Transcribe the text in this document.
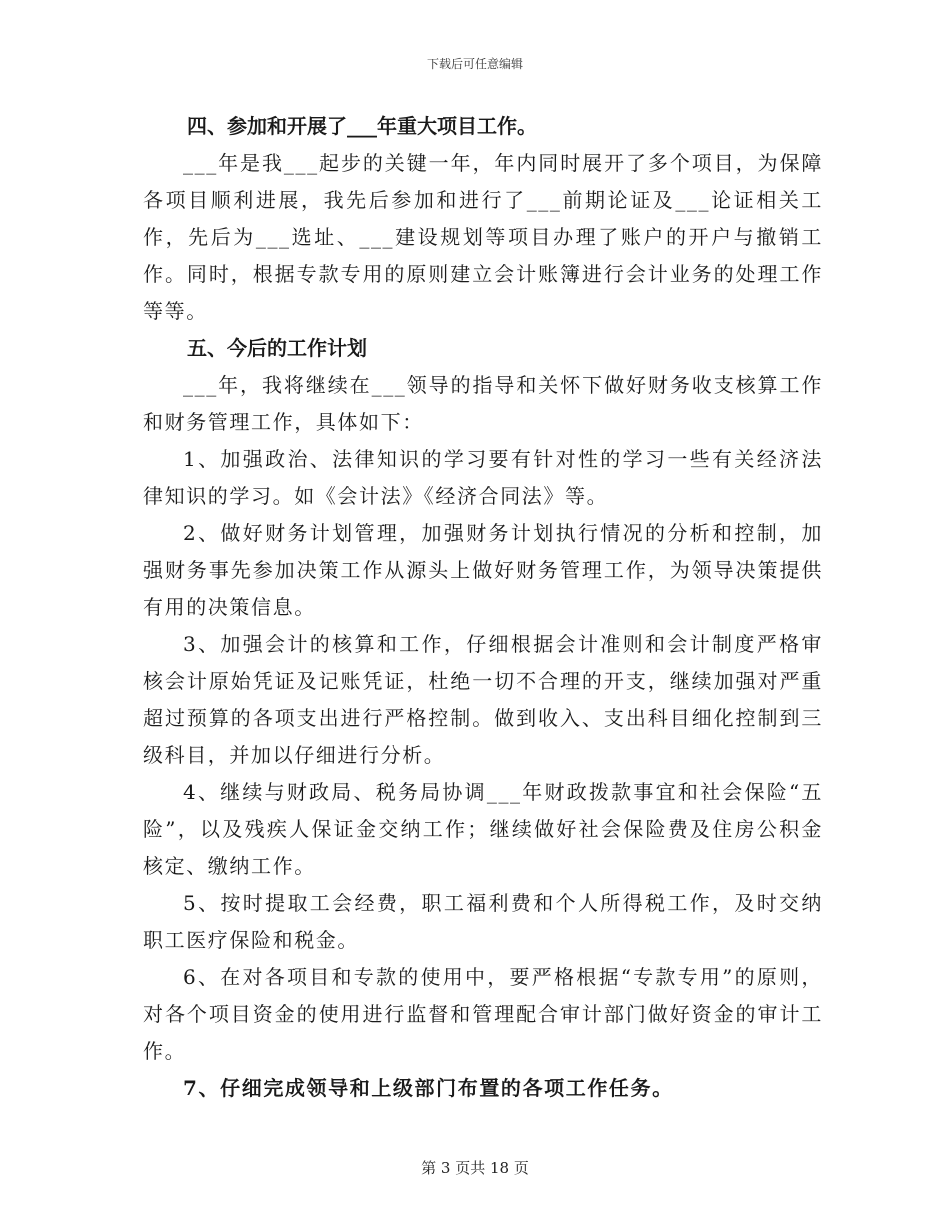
下载后可任意编辑

四、参加和开展了___年重大项目工作。

___年是我___起步的关键一年，年内同时展开了多个项目，为保障各项目顺利进展，我先后参加和进行了___前期论证及___论证相关工作，先后为___选址、___建设规划等项目办理了账户的开户与撤销工作。同时，根据专款专用的原则建立会计账簿进行会计业务的处理工作等等。

五、今后的工作计划

___年，我将继续在___领导的指导和关怀下做好财务收支核算工作和财务管理工作，具体如下：

1、加强政治、法律知识的学习要有针对性的学习一些有关经济法律知识的学习。如《会计法》《经济合同法》等。

2、做好财务计划管理，加强财务计划执行情况的分析和控制，加强财务事先参加决策工作从源头上做好财务管理工作，为领导决策提供有用的决策信息。

3、加强会计的核算和工作，仔细根据会计准则和会计制度严格审核会计原始凭证及记账凭证，杜绝一切不合理的开支，继续加强对严重超过预算的各项支出进行严格控制。做到收入、支出科目细化控制到三级科目，并加以仔细进行分析。

4、继续与财政局、税务局协调___年财政拨款事宜和社会保险“五险”，以及残疾人保证金交纳工作；继续做好社会保险费及住房公积金核定、缴纳工作。

5、按时提取工会经费，职工福利费和个人所得税工作，及时交纳职工医疗保险和税金。

6、在对各项目和专款的使用中，要严格根据“专款专用”的原则，对各个项目资金的使用进行监督和管理配合审计部门做好资金的审计工作。

7、仔细完成领导和上级部门布置的各项工作任务。

第 3 页共 18 页
